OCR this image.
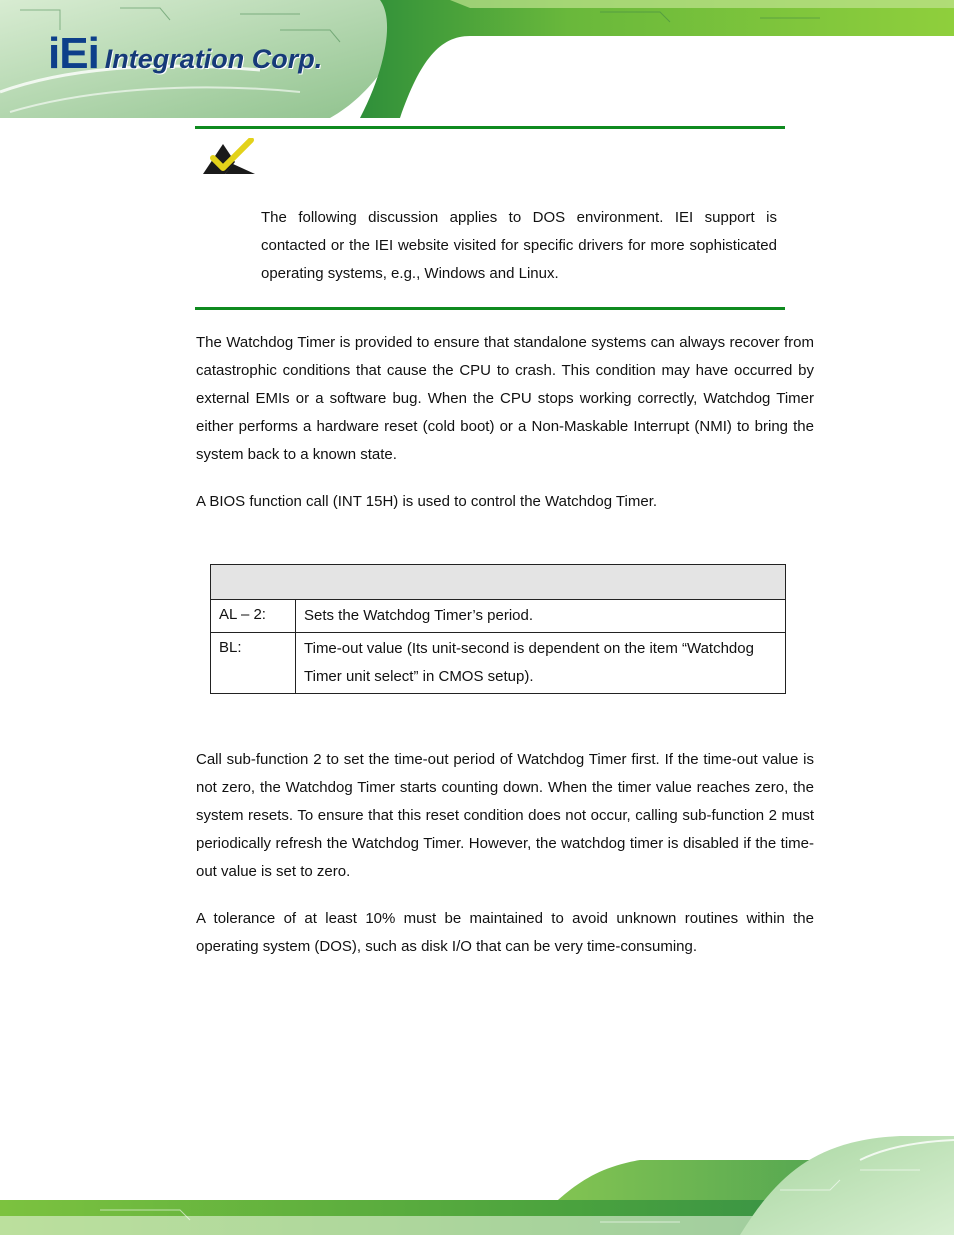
iEi Integration Corp.

The following discussion applies to DOS environment. IEI support is contacted or the IEI website visited for specific drivers for more sophisticated operating systems, e.g., Windows and Linux.

The Watchdog Timer is provided to ensure that standalone systems can always recover from catastrophic conditions that cause the CPU to crash. This condition may have occurred by external EMIs or a software bug. When the CPU stops working correctly, Watchdog Timer either performs a hardware reset (cold boot) or a Non-Maskable Interrupt (NMI) to bring the system back to a known state.

A BIOS function call (INT 15H) is used to control the Watchdog Timer.

AL – 2:	Sets the Watchdog Timer’s period.
BL:	Time-out value (Its unit-second is dependent on the item “Watchdog Timer unit select” in CMOS setup).

Call sub-function 2 to set the time-out period of Watchdog Timer first. If the time-out value is not zero, the Watchdog Timer starts counting down. When the timer value reaches zero, the system resets. To ensure that this reset condition does not occur, calling sub-function 2 must periodically refresh the Watchdog Timer. However, the watchdog timer is disabled if the time-out value is set to zero.

A tolerance of at least 10% must be maintained to avoid unknown routines within the operating system (DOS), such as disk I/O that can be very time-consuming.
